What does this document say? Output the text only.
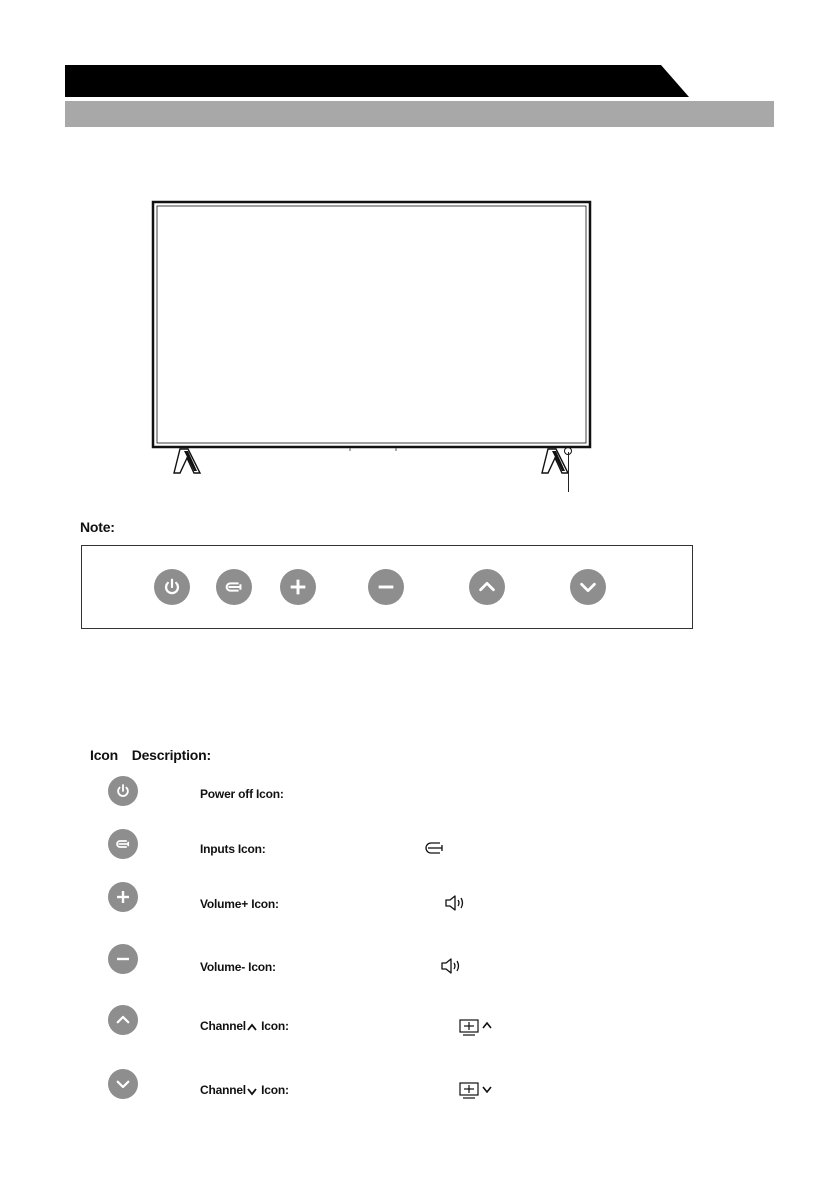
Note:
Icon Description:
Power off Icon:
Inputs Icon:
Volume+ Icon:
Volume- Icon:
Channel Icon:
Channel Icon:
